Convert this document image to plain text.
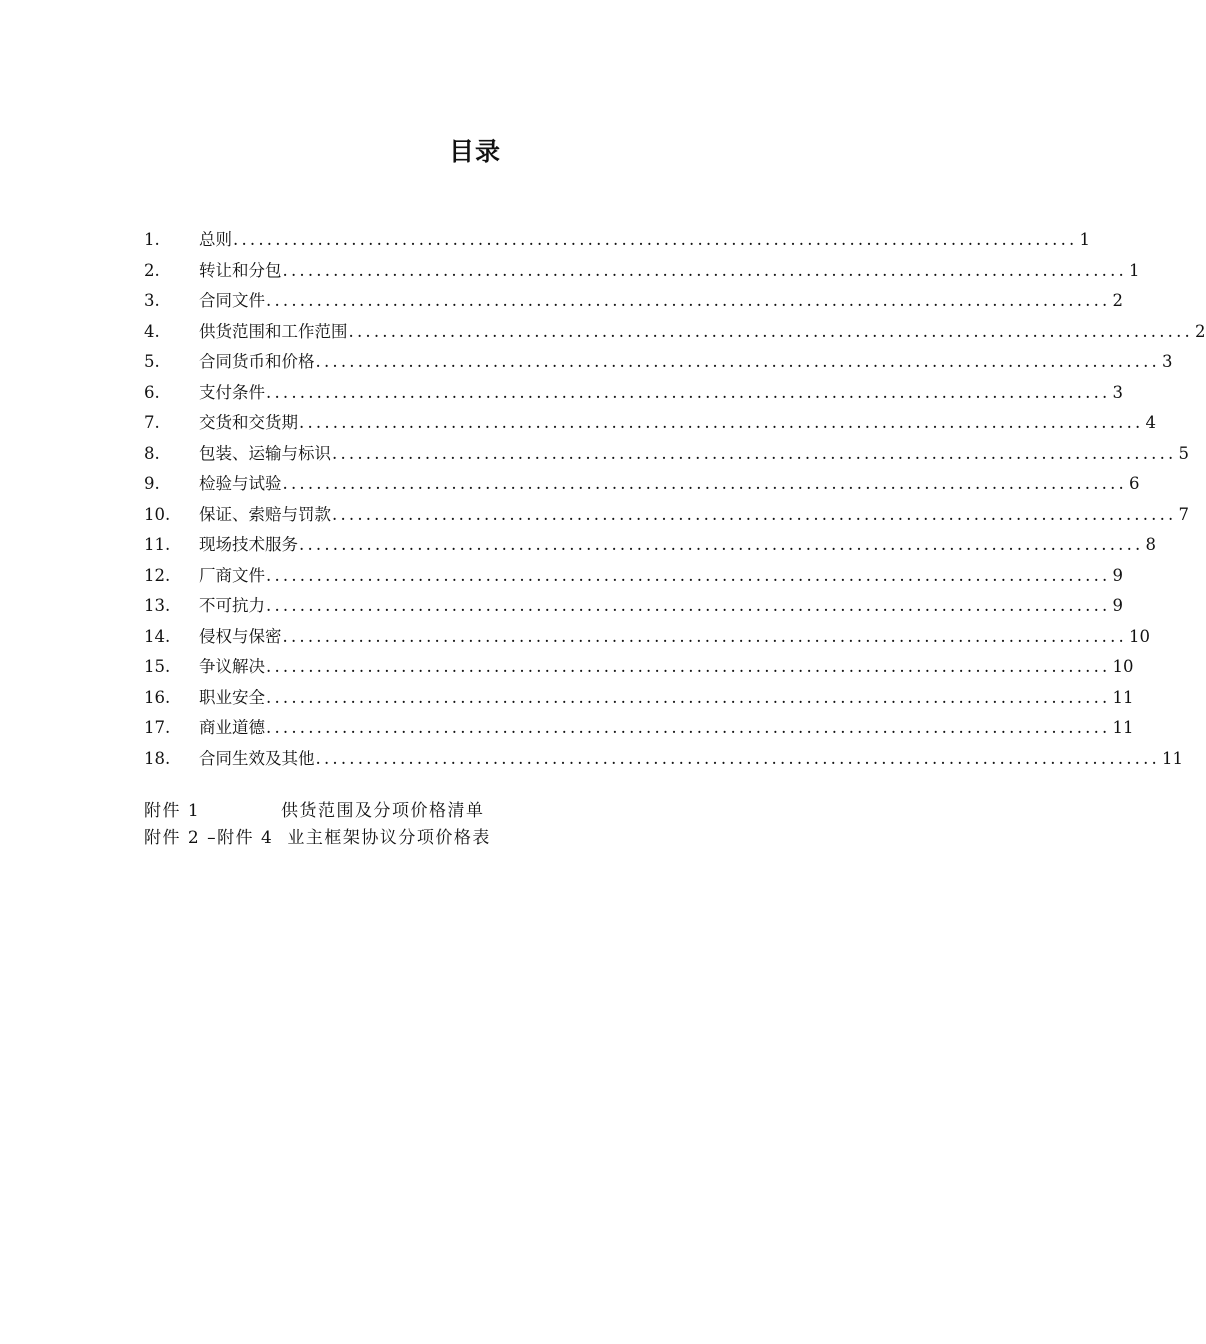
目录
1.	总则 .................................................................................................... 1
2.	转让和分包 .................................................................................................... 1
3.	合同文件 .................................................................................................... 2
4.	供货范围和工作范围 .................................................................................................... 2
5.	合同货币和价格 .................................................................................................... 3
6.	支付条件 .................................................................................................... 3
7.	交货和交货期 .................................................................................................... 4
8.	包装、运输与标识 .................................................................................................... 5
9.	检验与试验 .................................................................................................... 6
10.	保证、索赔与罚款 .................................................................................................... 7
11.	现场技术服务 .................................................................................................... 8
12.	厂商文件 .................................................................................................... 9
13.	不可抗力 .................................................................................................... 9
14.	侵权与保密 .................................................................................................... 10
15.	争议解决 .................................................................................................... 10
16.	职业安全 .................................................................................................... 11
17.	商业道德 .................................................................................................... 11
18.	合同生效及其他 .................................................................................................... 11
附件 1	供货范围及分项价格清单
附件 2 –附件 4 业主框架协议分项价格表
